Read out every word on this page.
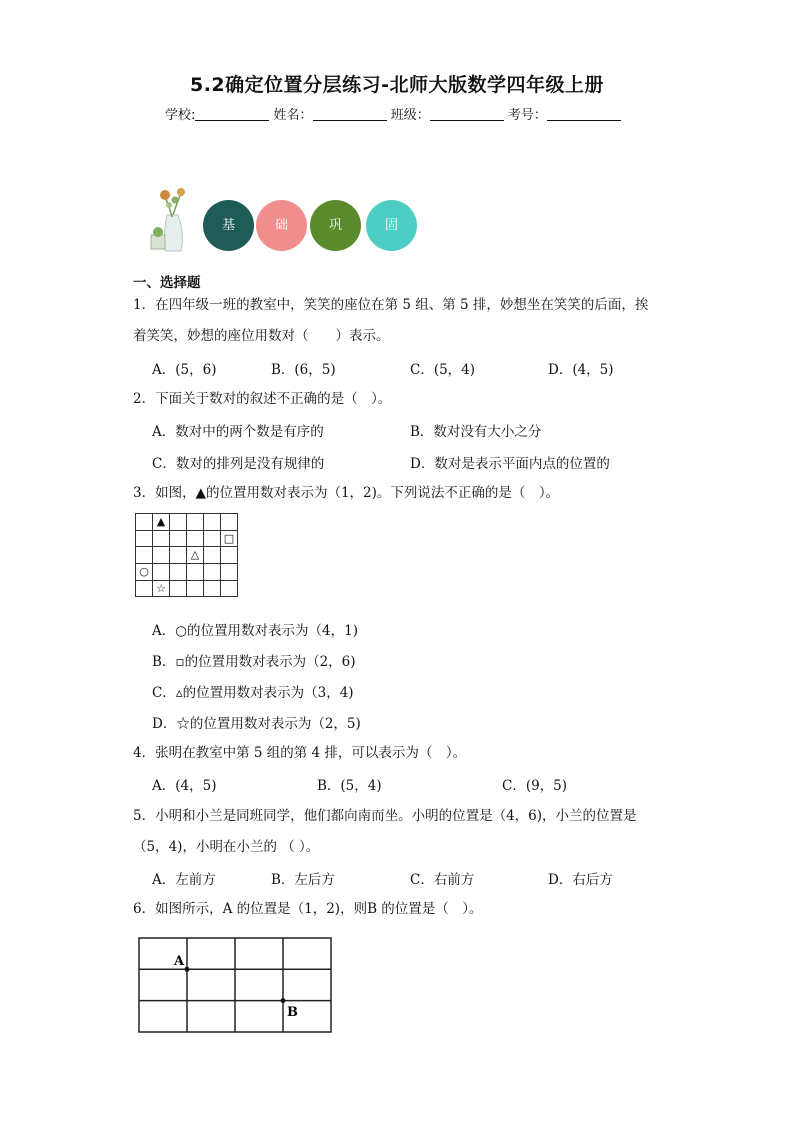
5.2确定位置分层练习-北师大版数学四年级上册
学校:	姓名：	班级：	考号：
基	础	巩	固
一、选择题
1．在四年级一班的教室中，笑笑的座位在第 5 组、第 5 排，妙想坐在笑笑的后面，挨
着笑笑，妙想的座位用数对（　　）表示。
A．(5，6)	B．(6，5)	C．(5，4)	D．(4，5)
2．下面关于数对的叙述不正确的是（　）。
A．数对中的两个数是有序的	B．数对没有大小之分
C．数对的排列是没有规律的	D．数对是表示平面内点的位置的
3．如图，▲的位置用数对表示为（1，2)。下列说法不正确的是（　）。
	▲				
					□
			△		
○					
	☆				
A．○的位置用数对表示为（4，1)
B．▫的位置用数对表示为（2，6)
C．▵的位置用数对表示为（3，4)
D．☆的位置用数对表示为（2，5)
4．张明在教室中第 5 组的第 4 排，可以表示为（　）。
A．(4，5)	B．(5，4)	C．(9，5)
5．小明和小兰是同班同学，他们都向南而坐。小明的位置是（4，6)，小兰的位置是
（5，4)，小明在小兰的 （ ）。
A．左前方	B．左后方	C．右前方	D．右后方
6．如图所示，A 的位置是（1，2)，则B 的位置是（　）。
A
B
